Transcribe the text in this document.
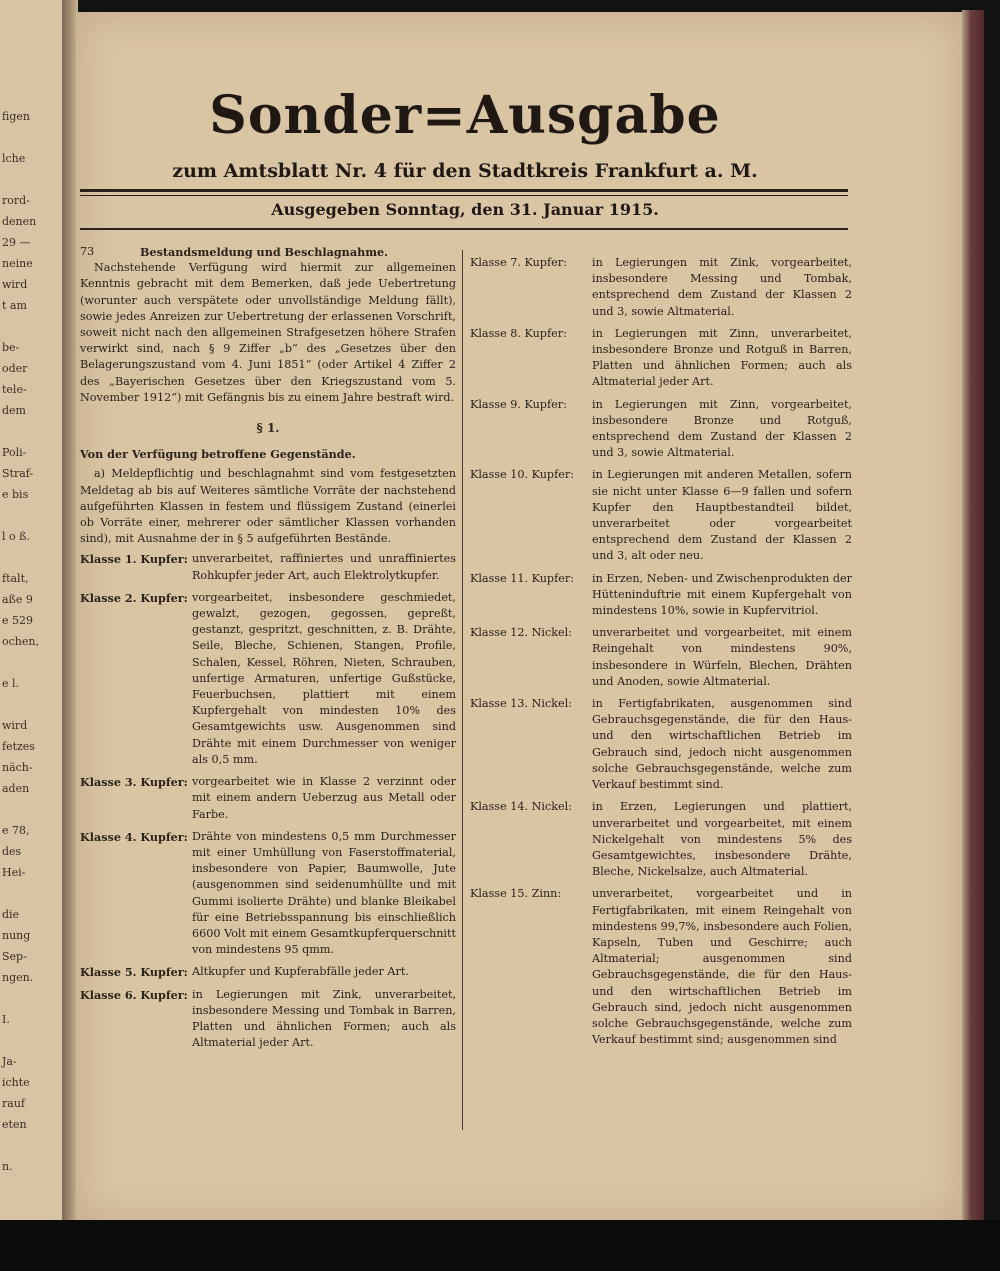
figen
lche
rord-
denen
29 —
neine
wird
t am
be-
oder
tele-
dem
Poli-
Straf-
e bis
l o ß.
ftalt,
aße 9
e 529
ochen,
e l.
wird
fetzes
näch-
aden
e 78,
des
Hei-
die
nung
Sep-
ngen.
I.
Ja-
ichte
rauf
eten
n.
Sonder=Ausgabe
zum Amtsblatt Nr. 4 für den Stadtkreis Frankfurt a. M.
Ausgegeben Sonntag, den 31. Januar 1915.
73	Bestandsmeldung und Beschlagnahme.

Nachstehende Verfügung wird hiermit zur allgemeinen Kenntnis gebracht mit dem Bemerken, daß jede Uebertretung (worunter auch verspätete oder unvollständige Meldung fällt), sowie jedes Anreizen zur Uebertretung der erlassenen Vorschrift, soweit nicht nach den allgemeinen Strafgesetzen höhere Strafen verwirkt sind, nach § 9 Ziffer „b“ des „Gesetzes über den Belagerungszustand vom 4. Juni 1851“ (oder Artikel 4 Ziffer 2 des „Bayerischen Gesetzes über den Kriegszustand vom 5. November 1912“) mit Gefängnis bis zu einem Jahre bestraft wird.

§ 1.
Von der Verfügung betroffene Gegenstände.

a) Meldepflichtig und beschlagnahmt sind vom festgesetzten Meldetag ab bis auf Weiteres sämtliche Vorräte der nachstehend aufgeführten Klassen in festem und flüssigem Zustand (einerlei ob Vorräte einer, mehrerer oder sämtlicher Klassen vorhanden sind), mit Ausnahme der in § 5 aufgeführten Bestände.

Klasse 1. Kupfer: unverarbeitet, raffiniertes und unraffiniertes Rohkupfer jeder Art, auch Elektrolytkupfer.
Klasse 2. Kupfer: vorgearbeitet, insbesondere geschmiedet, gewalzt, gezogen, gegossen, gepreßt, gestanzt, gespritzt, geschnitten, z. B. Drähte, Seile, Bleche, Schienen, Stangen, Profile, Schalen, Kessel, Röhren, Nieten, Schrauben, unfertige Armaturen, unfertige Gußstücke, Feuerbuchsen, plattiert mit einem Kupfergehalt von mindesten 10% des Gesamtgewichts usw. Ausgenommen sind Drähte mit einem Durchmesser von weniger als 0,5 mm.
Klasse 3. Kupfer: vorgearbeitet wie in Klasse 2 verzinnt oder mit einem andern Ueberzug aus Metall oder Farbe.
Klasse 4. Kupfer: Drähte von mindestens 0,5 mm Durchmesser mit einer Umhüllung von Faserstoffmaterial, insbesondere von Papier, Baumwolle, Jute (ausgenommen sind seidenumhüllte und mit Gummi isolierte Drähte) und blanke Bleikabel für eine Betriebsspannung bis einschließlich 6600 Volt mit einem Gesamtkupferquerschnitt von mindestens 95 qmm.
Klasse 5. Kupfer: Altkupfer und Kupferabfälle jeder Art.
Klasse 6. Kupfer: in Legierungen mit Zink, unverarbeitet, insbesondere Messing und Tombak in Barren, Platten und ähnlichen Formen; auch als Altmaterial jeder Art.
Klasse 7. Kupfer:	in Legierungen mit Zink, vorgearbeitet, insbesondere Messing und Tombak, entsprechend dem Zustand der Klassen 2 und 3, sowie Altmaterial.
Klasse 8. Kupfer:	in Legierungen mit Zinn, unverarbeitet, insbesondere Bronze und Rotguß in Barren, Platten und ähnlichen Formen; auch als Altmaterial jeder Art.
Klasse 9. Kupfer:	in Legierungen mit Zinn, vorgearbeitet, insbesondere Bronze und Rotguß, entsprechend dem Zustand der Klassen 2 und 3, sowie Altmaterial.
Klasse 10. Kupfer:	in Legierungen mit anderen Metallen, sofern sie nicht unter Klasse 6—9 fallen und sofern Kupfer den Hauptbestandteil bildet, unverarbeitet oder vorgearbeitet entsprechend dem Zustand der Klassen 2 und 3, alt oder neu.
Klasse 11. Kupfer:	in Erzen, Neben- und Zwischenprodukten der Hütteninduftrie mit einem Kupfergehalt von mindestens 10%, sowie in Kupfervitriol.
Klasse 12. Nickel:	unverarbeitet und vorgearbeitet, mit einem Reingehalt von mindestens 90%, insbesondere in Würfeln, Blechen, Drähten und Anoden, sowie Altmaterial.
Klasse 13. Nickel:	in Fertigfabrikaten, ausgenommen sind Gebrauchsgegenstände, die für den Haus- und den wirtschaftlichen Betrieb im Gebrauch sind, jedoch nicht ausgenommen solche Gebrauchsgegenstände, welche zum Verkauf bestimmt sind.
Klasse 14. Nickel:	in Erzen, Legierungen und plattiert, unverarbeitet und vorgearbeitet, mit einem Nickelgehalt von mindestens 5% des Gesamtgewichtes, insbesondere Drähte, Bleche, Nickelsalze, auch Altmaterial.
Klasse 15. Zinn:	unverarbeitet, vorgearbeitet und in Fertigfabrikaten, mit einem Reingehalt von mindestens 99,7%, insbesondere auch Folien, Kapseln, Tuben und Geschirre; auch Altmaterial; ausgenommen sind Gebrauchsgegenstände, die für den Haus- und den wirtschaftlichen Betrieb im Gebrauch sind, jedoch nicht ausgenommen solche Gebrauchsgegenstände, welche zum Verkauf bestimmt sind; ausgenommen sind
